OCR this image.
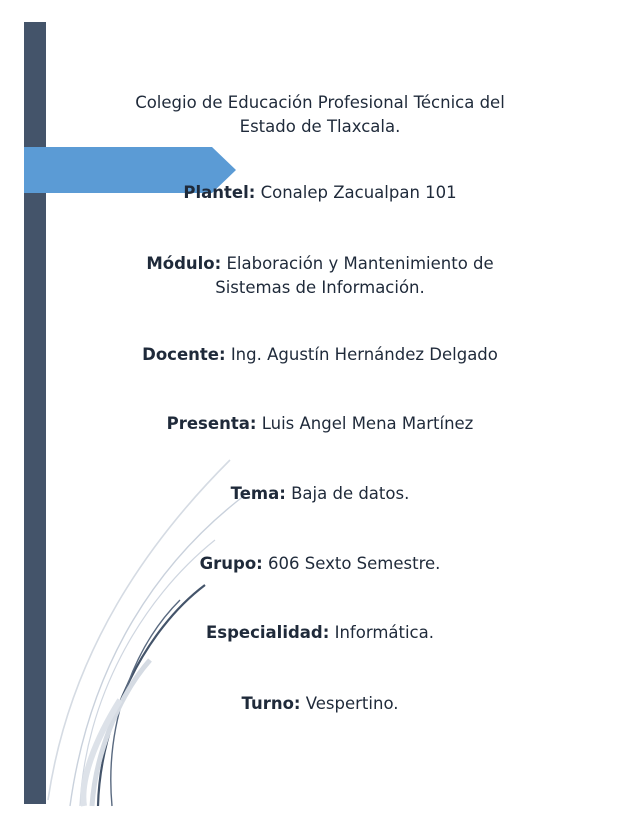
Colegio de Educación Profesional Técnica del
Estado de Tlaxcala.
Plantel: Conalep Zacualpan 101
Módulo: Elaboración y Mantenimiento de
Sistemas de Información.
Docente: Ing. Agustín Hernández Delgado
Presenta: Luis Angel Mena Martínez
Tema: Baja de datos.
Grupo: 606 Sexto Semestre.
Especialidad: Informática.
Turno: Vespertino.
